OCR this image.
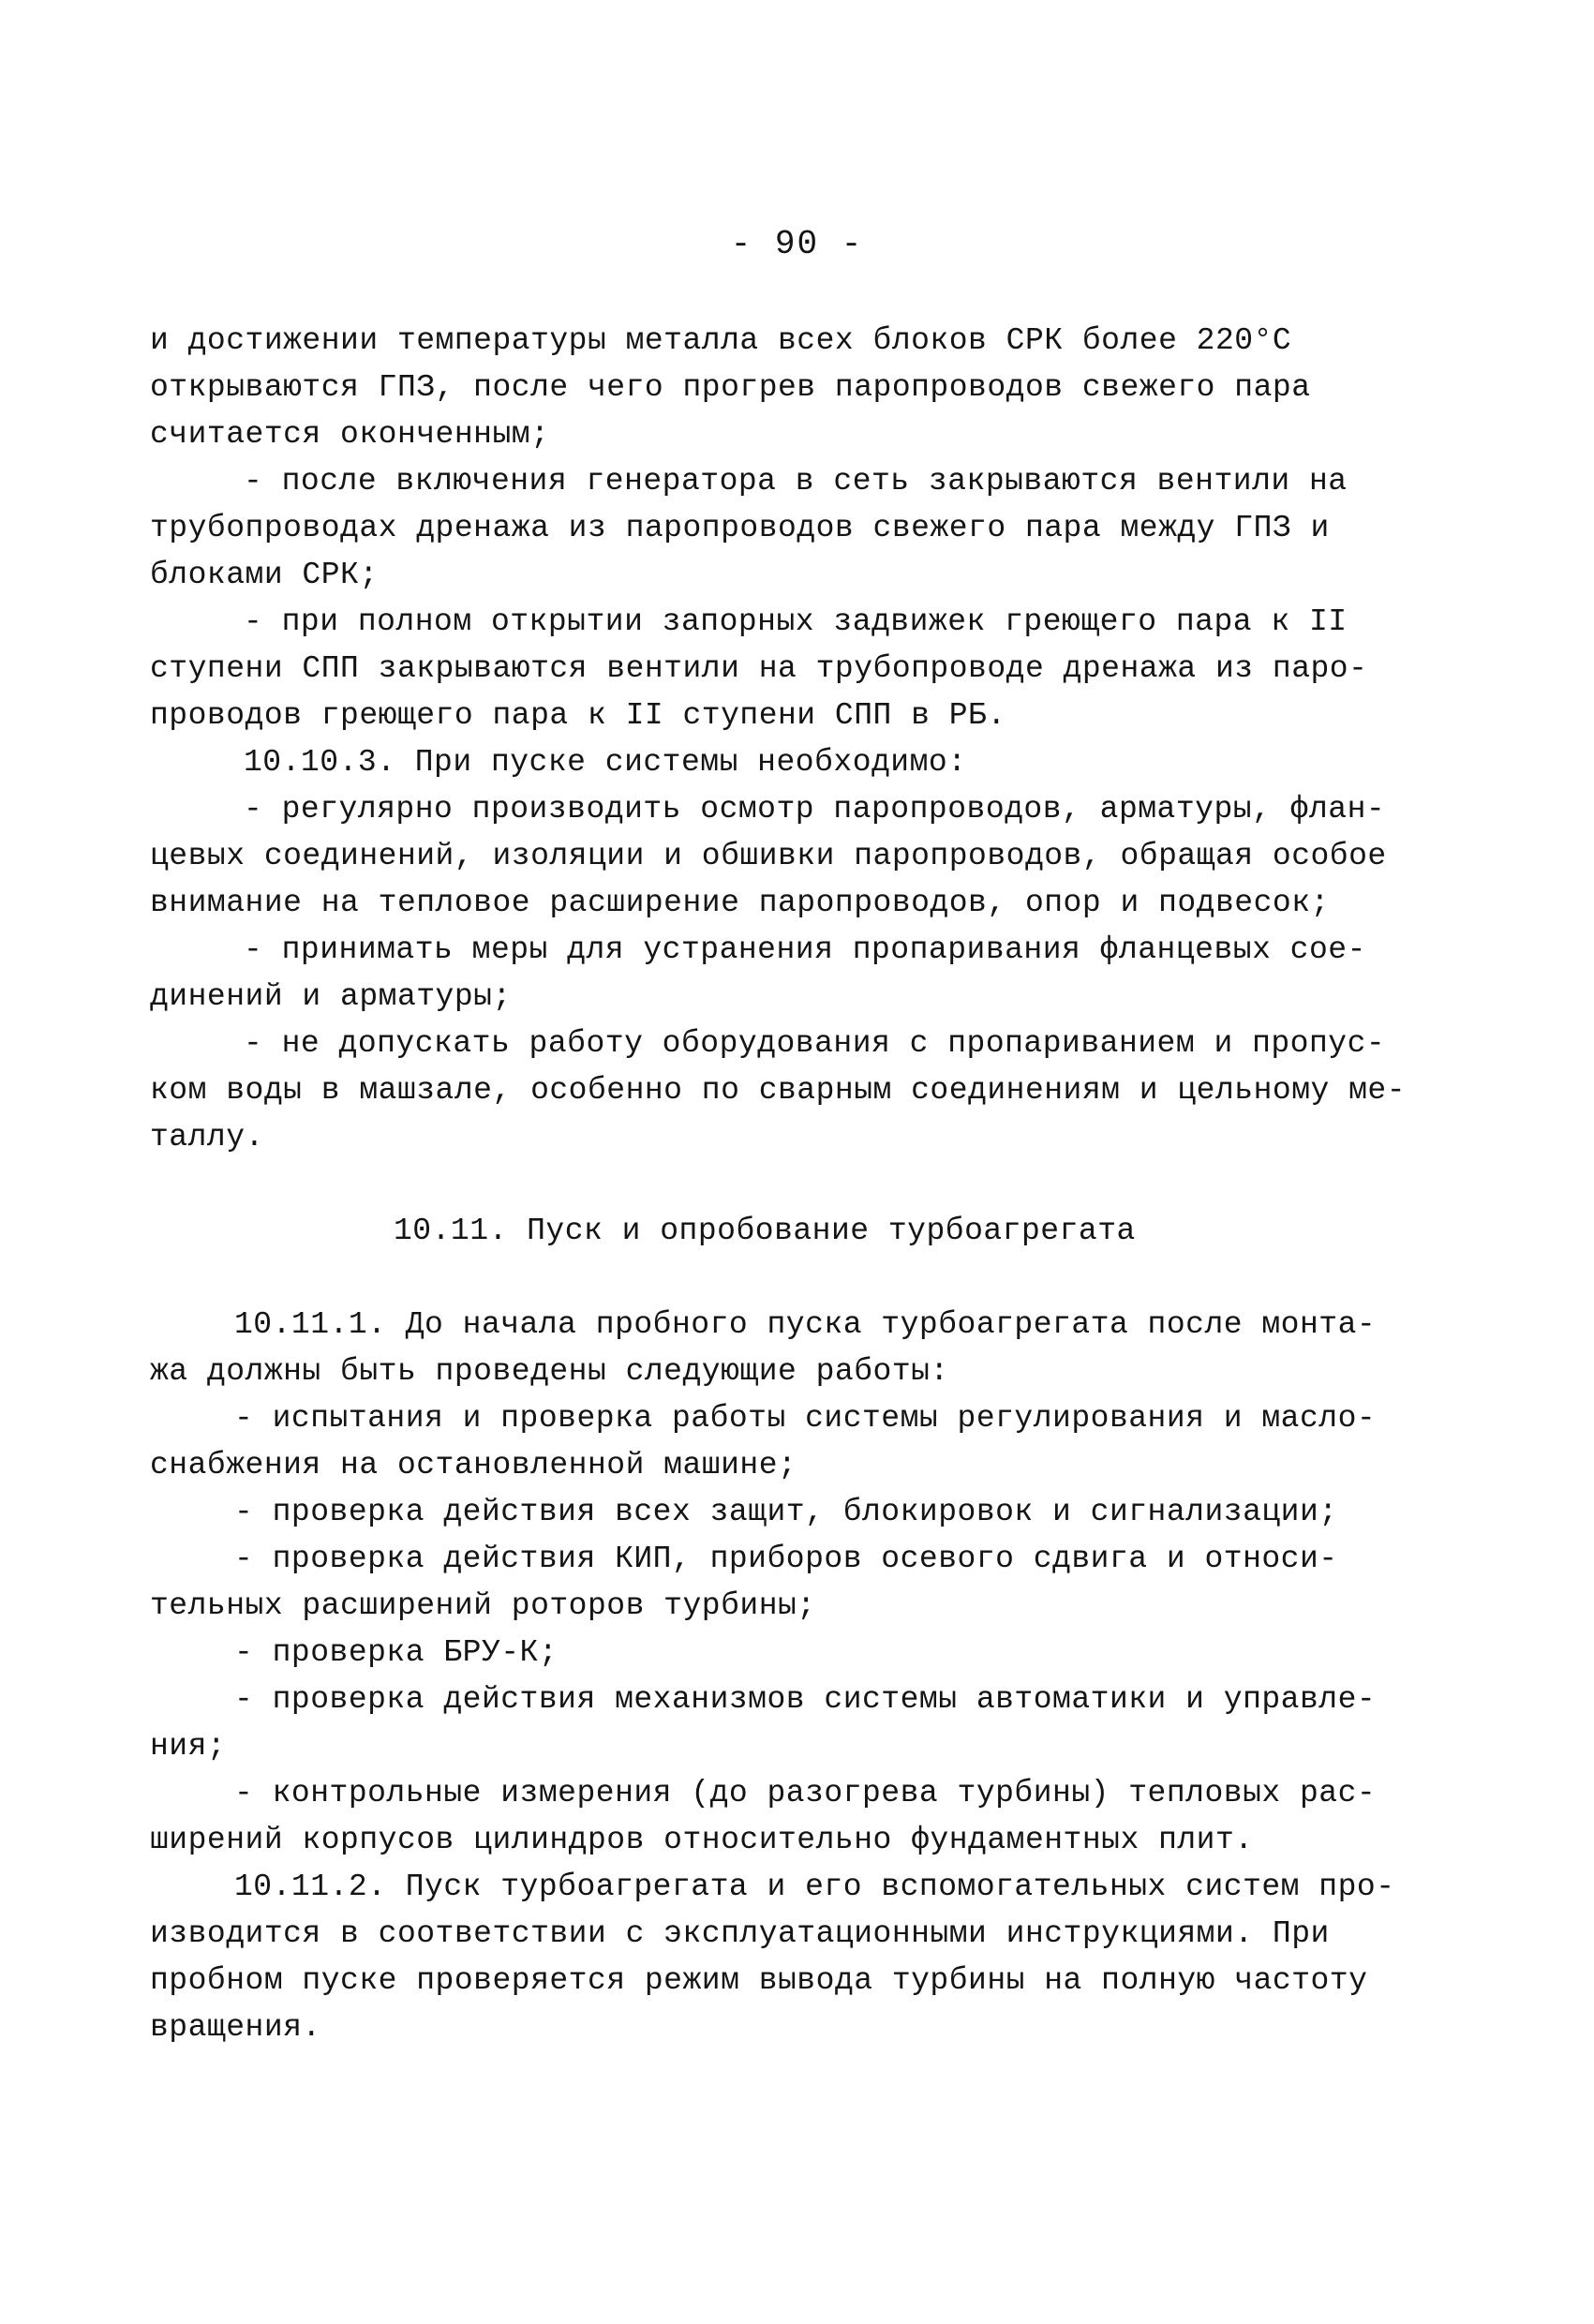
- 90 -
и достижении температуры металла всех блоков СРК более 220°С
открываются ГПЗ, после чего прогрев паропроводов свежего пара
считается оконченным;
- после включения генератора в сеть закрываются вентили на
трубопроводах дренажа из паропроводов свежего пара между ГПЗ и
блоками СРК;
- при полном открытии запорных задвижек греющего пара к II
ступени СПП закрываются вентили на трубопроводе дренажа из паро-
проводов греющего пара к II ступени СПП в РБ.
10.10.3. При пуске системы необходимо:
- регулярно производить осмотр паропроводов, арматуры, флан-
цевых соединений, изоляции и обшивки паропроводов, обращая особое
внимание на тепловое расширение паропроводов, опор и подвесок;
- принимать меры для устранения пропаривания фланцевых сое-
динений и арматуры;
- не допускать работу оборудования с пропариванием и пропус-
ком воды в машзале, особенно по сварным соединениям и цельному ме-
таллу.
10.11. Пуск и опробование турбоагрегата
10.11.1. До начала пробного пуска турбоагрегата после монта-
жа должны быть проведены следующие работы:
- испытания и проверка работы системы регулирования и масло-
снабжения на остановленной машине;
- проверка действия всех защит, блокировок и сигнализации;
- проверка действия КИП, приборов осевого сдвига и относи-
тельных расширений роторов турбины;
- проверка БРУ-К;
- проверка действия механизмов системы автоматики и управле-
ния;
- контрольные измерения (до разогрева турбины) тепловых рас-
ширений корпусов цилиндров относительно фундаментных плит.
10.11.2. Пуск турбоагрегата и его вспомогательных систем про-
изводится в соответствии с эксплуатационными инструкциями. При
пробном пуске проверяется режим вывода турбины на полную частоту
вращения.
